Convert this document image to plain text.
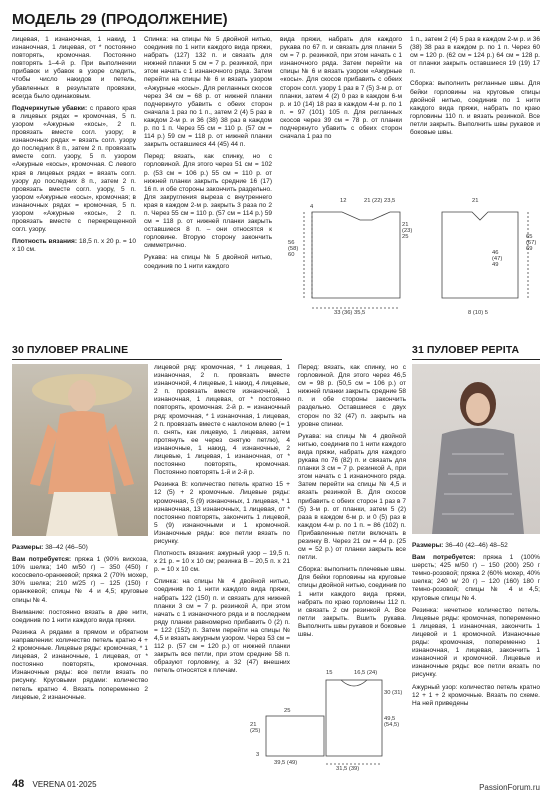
МОДЕЛЬ 29 (ПРОДОЛЖЕНИЕ)

лицевая, 1 изнаночная, 1 накид, 1 изнаночная, 1 лицевая, от * постоянно повторять, кромочная. Постоянно повторять 1–4-й р. При выполнении прибавок и убавок в узоре следить, чтобы число накидов и петель, убавленных в результате провязки, всегда было одинаковым.

Подчеркнутые убавки: с правого края в лицевых рядах = кромочная, 5 п. узором «Ажурные «косы», 2 п. провязать вместе согл. узору; в изнаночных рядах = вязать согл. узору до последних 8 п., затем 2 п. провязать вместе согл. узору, 5 п. узором «Ажурные «косы», кромочная. С левого края в лицевых рядах = вязать согл. узору до последних 8 п., затем 2 п. провязать вместе согл. узору, 5 п. узором «Ажурные «косы», кромочная; в изнаночных рядах = кромочная, 5 п. узором «Ажурные «косы», 2 п. провязать вместе с перекрещенной согл. узору.

Плотность вязания: 18,5 п. х 20 р. = 10 х 10 см.

Спинка: на спицы № 5 двойной нитью, соединив по 1 нити каждого вида пряжи, набрать (127) 132 п. и связать для нижней планки 5 см = 7 р. резинкой, при этом начать с 1 изнаночного ряда. Затем перейти на спицы № 6 и вязать узором «Ажурные «косы». Для регланных скосов через 34 см = 68 р. от нижней планки подчеркнуто убавить с обеих сторон сначала 1 раз по 1 п., затем 2 (4) 5 раз в каждом 2-м р. и 36 (38) 38 раз в каждом р. по 1 п. Через 55 см = 110 р. (57 см = 114 р.) 59 см = 118 р. от нижней планки закрыть оставшиеся 44 (45) 44 п.

Перед: вязать, как спинку, но с горловиной. Для этого через 51 см = 102 р. (53 см = 106 р.) 55 см = 110 р. от нижней планки закрыть средние 16 (17) 16 п. и обе стороны закончить раздельно. Для закругления выреза с внутреннего края в каждом 2-м р. закрыть 3 раза по 2 п. Через 55 см = 110 р. (57 см = 114 р.) 59 см = 118 р. от нижней планки закрыть оставшиеся 8 п. – они относятся к горловине. Вторую сторону закончить симметрично.

Рукава: на спицы № 5 двойной нитью, соединив по 1 нити каждого

вида пряжи, набрать для каждого рукава по 67 п. и связать для планки 5 см = 7 р. резинкой, при этом начать с 1 изнаночного ряда. Затем перейти на спицы № 6 и вязать узором «Ажурные «косы». Для скосов прибавить с обеих сторон согл. узору 1 раз в 7 (5) 3-м р. от планки, затем 4 (2) 0 раз в каждом 6-м р. и 10 (14) 18 раз в каждом 4-м р. по 1 п. = 97 (101) 105 п. Для регланных скосов через 39 см = 78 р. от планки подчеркнуто убавить с обеих сторон сначала 1 раз по

1 п., затем 2 (4) 5 раз в каждом 2-м р. и 36 (38) 38 раз в каждом р. по 1 п. Через 60 см = 120 р. (62 см = 124 р.) 64 см = 128 р. от планки закрыть оставшиеся 19 (19) 17 п.

Сборка: выполнить регланные швы. Для бейки горловины на круговые спицы двойной нитью, соединив по 1 нити каждого вида пряжи, набрать по краю горловины 110 п. и вязать резинкой. Все петли закрыть. Выполнить швы рукавов и боковые швы.

12	21 (22) 23,5
4
21 (23) 25
56 (58) 60
33 (36) 35,5
21
46 (47) 49
65 (67) 69
8 (10) 5
30 ПУЛОВЕР PRALINE

Размеры: 38–42 (46–50)

Вам потребуется: пряжа 1 (90% вискоза, 10% шелка; 140 м/50 г) – 350 (450) г кососвело-оранжевой; пряжа 2 (70% мохер, 30% шелка; 210 м/25 г) – 125 (150) г оранжевой; спицы № 4 и 4,5; круговые спицы № 4.

Внимание: постоянно вязать в две нити, соединив по 1 нити каждого вида пряжи.

Резинка А рядами в прямом и обратном направлении: количество петель кратно 4 + 2 кромочные. Лицевые ряды: кромочная, * 1 лицевая, 2 изнаночные, 1 лицевая, от * постоянно повторять, кромочная. Изнаночные ряды: все петли вязать по рисунку. Круговыми рядами: количество петель кратно 4. Вязать попеременно 2 лицевые, 2 изнаночные.

лицевой ряд: кромочная, * 1 лицевая, 1 изнаночная, 2 п. провязать вместе изнаночной, 4 лицевые, 1 накид, 4 лицевые, 2 п. провязать вместе изнаночной, 1 изнаночная, 1 лицевая, от * постоянно повторять, кромочная. 2-й р. = изнаночный ряд: кромочная, * 1 изнаночная, 1 лицевая, 2 п. провязать вместе с наклоном влево (= 1 п. снять, как лицевую, 1 лицевая, затем протянуть ее через снятую петлю), 4 изнаночные, 1 накид, 4 изнаночные, 2 лицевые, 1 лицевая, 1 изнаночная, от * постоянно повторять, кромочная. Постоянно повторять 1-й и 2-й р.

Резинка В: количество петель кратно 15 + 12 (5) + 2 кромочные. Лицевые ряды: кромочная, 5 (9) изнаночных, 1 лицевая, * 1 изнаночная, 13 изнаночных, 1 лицевая, от * постоянно повторять, закончить 1 лицевой, 5 (9) изнаночными и 1 кромочной. Изнаночные ряды: все петли вязать по рисунку.

Плотность вязания: ажурный узор – 19,5 п. х 21 р. = 10 х 10 см; резинка В – 20,5 п. х 21 р. = 10 х 10 см.

Спинка: на спицы № 4 двойной нитью, соединив по 1 нити каждого вида пряжи, набрать 122 (150) п. и связать для нижней планки 3 см = 7 р. резинкой А, при этом начать с 1 изнаночного ряда и в последнем ряду планки равномерно прибавить 0 (2) п. = 122 (152) п. Затем перейти на спицы № 4,5 и вязать ажурным узором. Через 53 см = 112 р. (57 см = 120 р.) от нижней планки закрыть все петли, при этом средние 58 п. образуют горловину, а 32 (47) внешних петель относятся к плечам.

Перед: вязать, как спинку, но с горловиной. Для этого через 46,5 см = 98 р. (50,5 см = 106 р.) от нижней планки закрыть средние 58 п. и обе стороны закончить раздельно. Оставшиеся с двух сторон по 32 (47) п. закрыть на уровне спинки.

Рукава: на спицы № 4 двойной нитью, соединив по 1 нити каждого вида пряжи, набрать для каждого рукава по 76 (82) п. и связать для планки 3 см = 7 р. резинкой А, при этом начать с 1 изнаночного ряда. Затем перейти на спицы № 4,5 и вязать резинкой В. Для скосов прибавить с обеих сторон 1 раз в 7 (5) 3-м р. от планки, затем 5 (2) раза в каждом 6-м р. и 0 (5) раз в каждом 4-м р. по 1 п. = 86 (102) п. Прибавленные петли включать в резинку В. Через 21 см = 44 р. (25 см = 52 р.) от планки закрыть все петли.

Сборка: выполнить плечевые швы. Для бейки горловины на круговые спицы двойной нитью, соединив по 1 нити каждого вида пряжи, набрать по краю горловины 112 п. и связать 2 см резинкой А. Все петли закрыть. Вшить рукава. Выполнить швы рукавов и боковые швы.

15	16,5 (24)
30 (31)
49,5 (54,5)
25
21 (25)
3
39,5 (49)
31,5 (39)
31 ПУЛОВЕР PEPITA

Размеры: 36–40 (42–46) 48–52

Вам потребуется: пряжа 1 (100% шерсть; 425 м/50 г) – 150 (200) 250 г темно-розовой; пряжа 2 (60% мохер, 40% шелка; 240 м/ 20 г) – 120 (160) 180 г темно-розовой; спицы № 4 и 4,5; круговые спицы № 4.

Резинка: нечетное количество петель. Лицевые ряды: кромочная, попеременно 1 лицевая, 1 изнаночная, закончить 1 лицевой и 1 кромочной. Изнаночные ряды: кромочная, попеременно 1 изнаночная, 1 лицевая, закончить 1 изнаночной и кромочной. Лицевые и изнаночные ряды: все петли вязать по рисунку.

Ажурный узор: количество петель кратно 12 + 1 + 2 кромочные. Вязать по схеме. На ней приведены

48 VERENA 01·2025	PassionForum.ru
